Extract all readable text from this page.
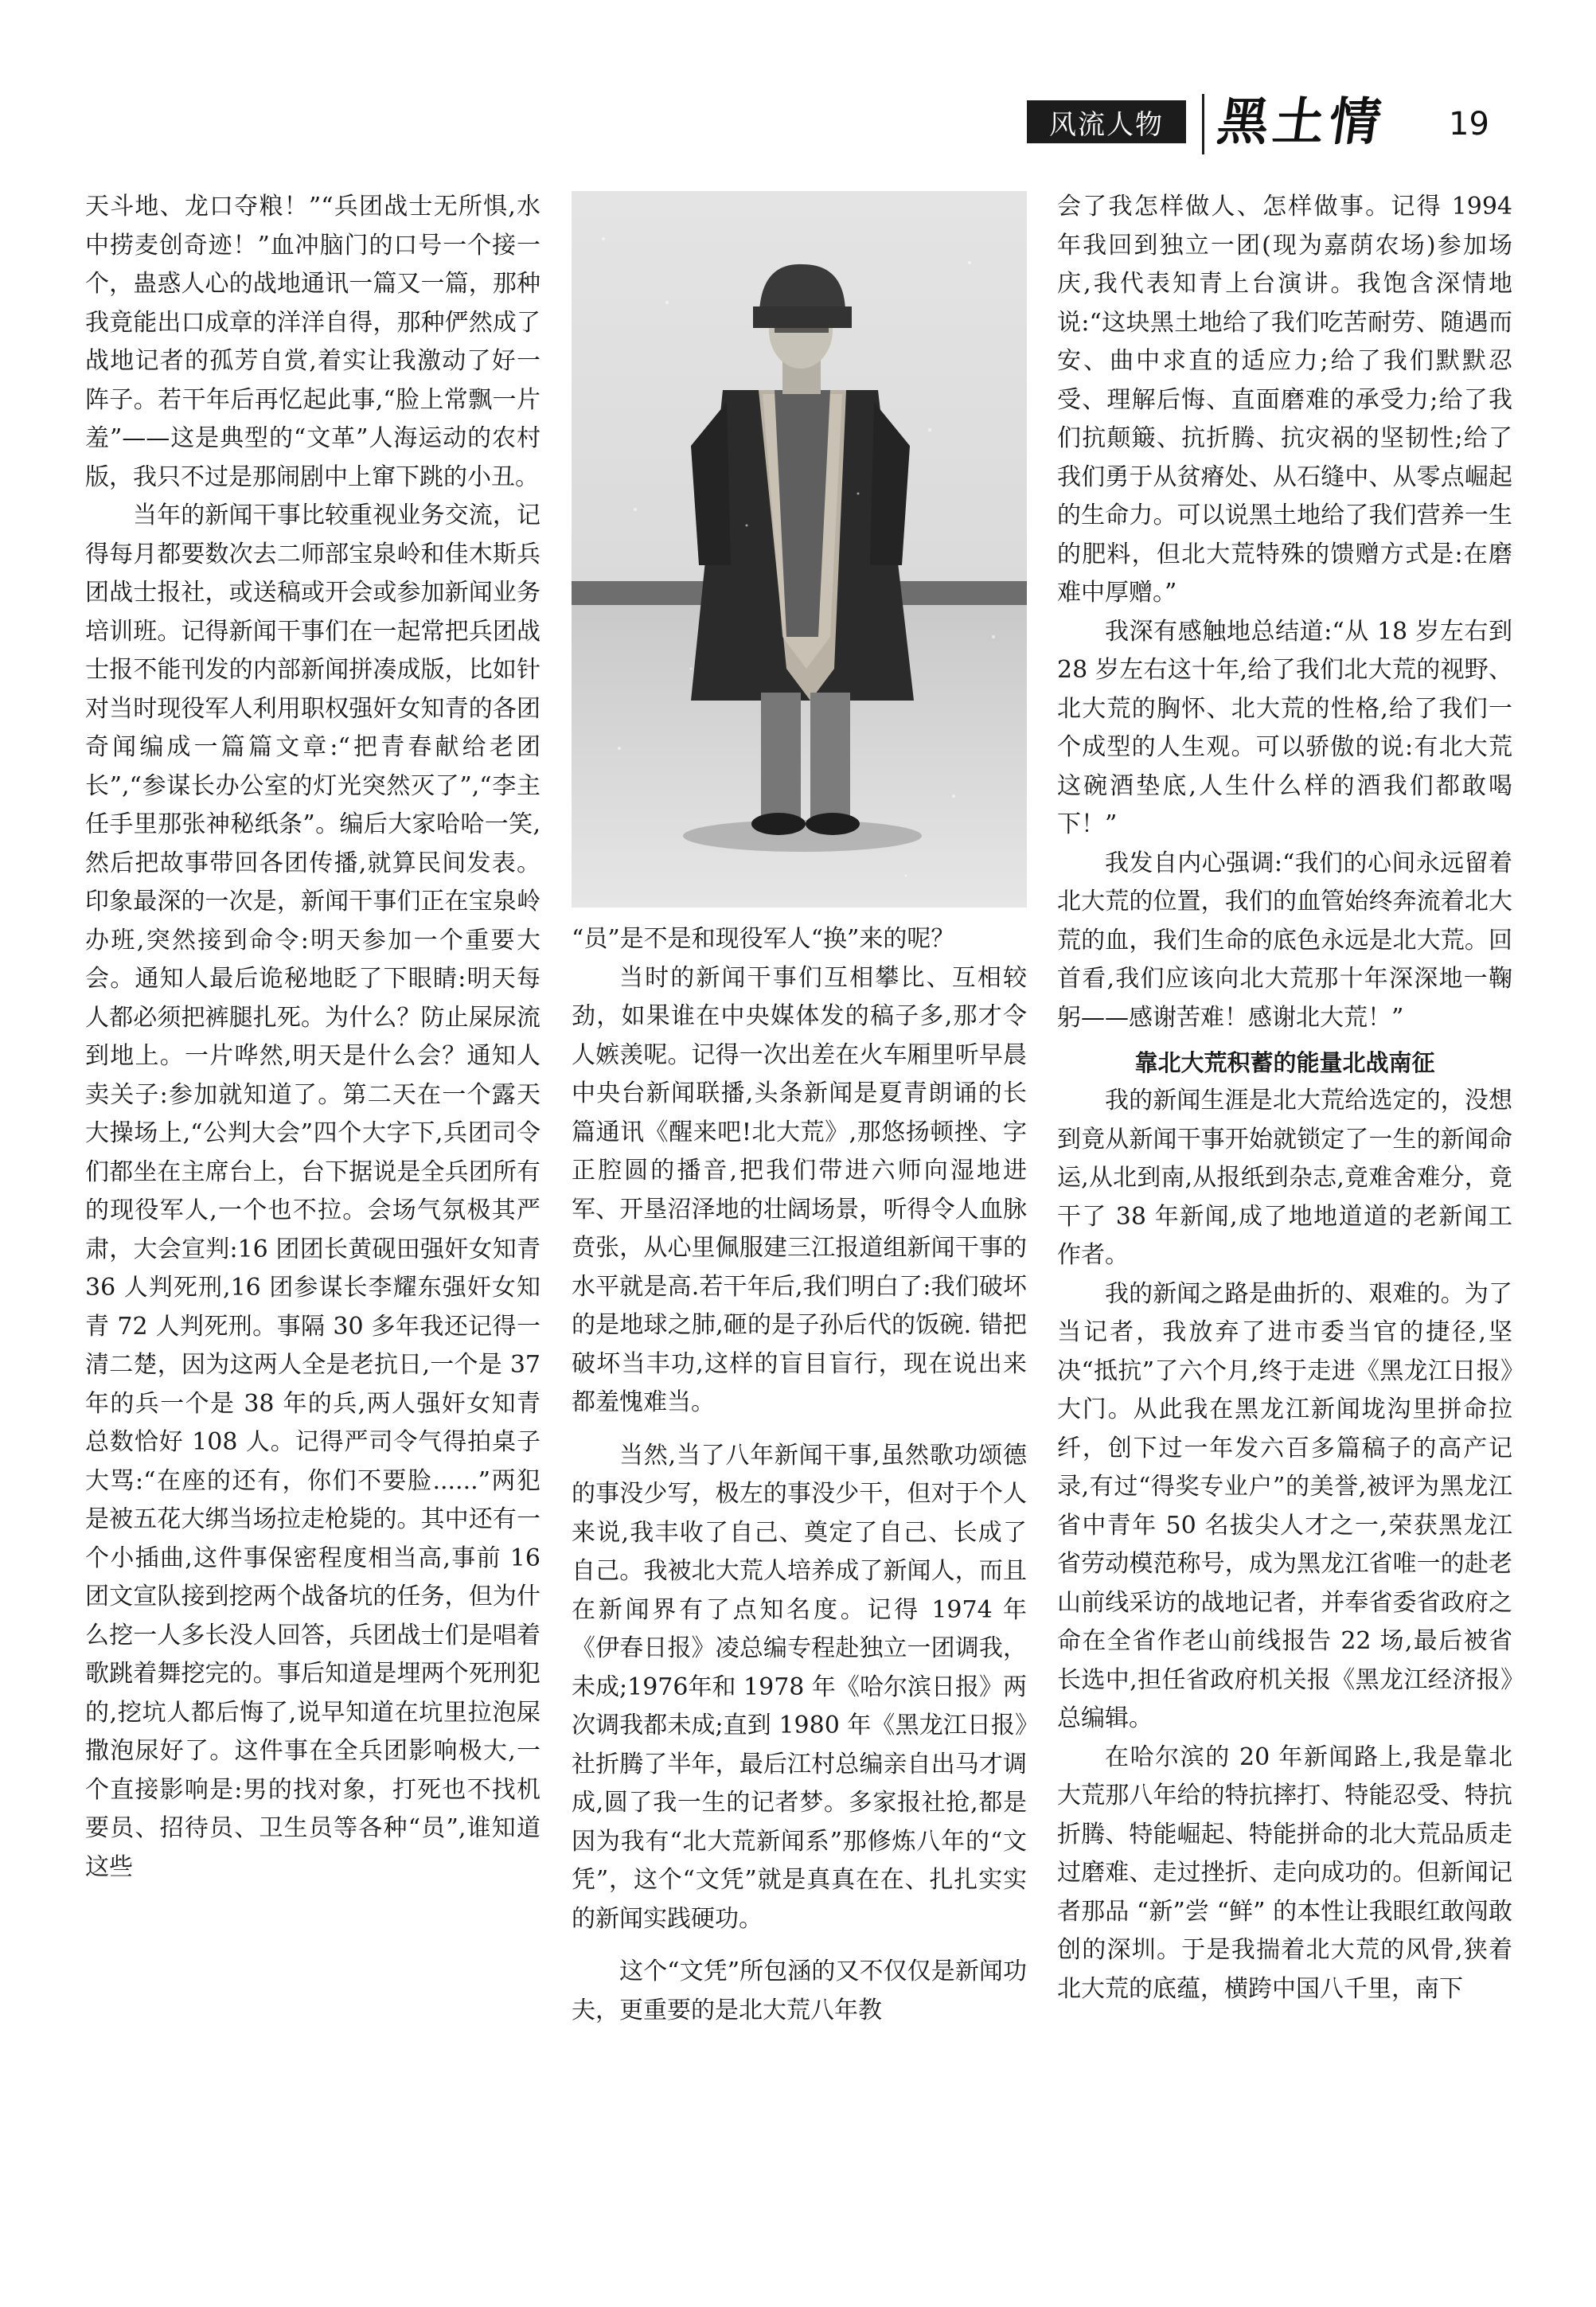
风流人物 黑土情 19

天斗地、龙口夺粮！”“兵团战士无所惧,水中捞麦创奇迹！”血冲脑门的口号一个接一个，蛊惑人心的战地通讯一篇又一篇，那种我竟能出口成章的洋洋自得，那种俨然成了战地记者的孤芳自赏,着实让我激动了好一阵子。若干年后再忆起此事,“脸上常飘一片羞”——这是典型的“文革”人海运动的农村版，我只不过是那闹剧中上窜下跳的小丑。

当年的新闻干事比较重视业务交流，记得每月都要数次去二师部宝泉岭和佳木斯兵团战士报社，或送稿或开会或参加新闻业务培训班。记得新闻干事们在一起常把兵团战士报不能刊发的内部新闻拼凑成版，比如针对当时现役军人利用职权强奸女知青的各团奇闻编成一篇篇文章:“把青春献给老团长”,“参谋长办公室的灯光突然灭了”,“李主任手里那张神秘纸条”。编后大家哈哈一笑,然后把故事带回各团传播,就算民间发表。印象最深的一次是，新闻干事们正在宝泉岭办班,突然接到命令:明天参加一个重要大会。通知人最后诡秘地眨了下眼睛:明天每人都必须把裤腿扎死。为什么？防止屎尿流到地上。一片哗然,明天是什么会？通知人卖关子:参加就知道了。第二天在一个露天大操场上,“公判大会”四个大字下,兵团司令们都坐在主席台上，台下据说是全兵团所有的现役军人,一个也不拉。会场气氛极其严肃，大会宣判:16 团团长黄砚田强奸女知青 36 人判死刑,16 团参谋长李耀东强奸女知青 72 人判死刑。事隔 30 多年我还记得一清二楚，因为这两人全是老抗日,一个是 37 年的兵一个是 38 年的兵,两人强奸女知青总数恰好 108 人。记得严司令气得拍桌子大骂:“在座的还有，你们不要脸......”两犯是被五花大绑当场拉走枪毙的。其中还有一个小插曲,这件事保密程度相当高,事前 16 团文宣队接到挖两个战备坑的任务，但为什么挖一人多长没人回答，兵团战士们是唱着歌跳着舞挖完的。事后知道是埋两个死刑犯的,挖坑人都后悔了,说早知道在坑里拉泡屎撒泡尿好了。这件事在全兵团影响极大,一个直接影响是:男的找对象，打死也不找机要员、招待员、卫生员等各种“员”,谁知道这些

“员”是不是和现役军人“换”来的呢？

当时的新闻干事们互相攀比、互相较劲，如果谁在中央媒体发的稿子多,那才令人嫉羡呢。记得一次出差在火车厢里听早晨中央台新闻联播,头条新闻是夏青朗诵的长篇通讯《醒来吧!北大荒》,那悠扬顿挫、字正腔圆的播音,把我们带进六师向湿地进军、开垦沼泽地的壮阔场景，听得令人血脉贲张，从心里佩服建三江报道组新闻干事的水平就是高.若干年后,我们明白了:我们破坏的是地球之肺,砸的是子孙后代的饭碗. 错把破坏当丰功,这样的盲目盲行，现在说出来都羞愧难当。

当然,当了八年新闻干事,虽然歌功颂德的事没少写，极左的事没少干，但对于个人来说,我丰收了自己、奠定了自己、长成了自己。我被北大荒人培养成了新闻人，而且在新闻界有了点知名度。记得 1974 年《伊春日报》凌总编专程赴独立一团调我，未成;1976年和 1978 年《哈尔滨日报》两次调我都未成;直到 1980 年《黑龙江日报》社折腾了半年，最后江村总编亲自出马才调成,圆了我一生的记者梦。多家报社抢,都是因为我有“北大荒新闻系”那修炼八年的“文凭”，这个“文凭”就是真真在在、扎扎实实的新闻实践硬功。

这个“文凭”所包涵的又不仅仅是新闻功夫，更重要的是北大荒八年教

会了我怎样做人、怎样做事。记得 1994 年我回到独立一团(现为嘉荫农场)参加场庆,我代表知青上台演讲。我饱含深情地说:“这块黑土地给了我们吃苦耐劳、随遇而安、曲中求直的适应力;给了我们默默忍受、理解后悔、直面磨难的承受力;给了我们抗颠簸、抗折腾、抗灾祸的坚韧性;给了我们勇于从贫瘠处、从石缝中、从零点崛起的生命力。可以说黑土地给了我们营养一生的肥料，但北大荒特殊的馈赠方式是:在磨难中厚赠。”

我深有感触地总结道:“从 18 岁左右到 28 岁左右这十年,给了我们北大荒的视野、北大荒的胸怀、北大荒的性格,给了我们一个成型的人生观。可以骄傲的说:有北大荒这碗酒垫底,人生什么样的酒我们都敢喝下！”

我发自内心强调:“我们的心间永远留着北大荒的位置，我们的血管始终奔流着北大荒的血，我们生命的底色永远是北大荒。回首看,我们应该向北大荒那十年深深地一鞠躬——感谢苦难！感谢北大荒！”

靠北大荒积蓄的能量北战南征

我的新闻生涯是北大荒给选定的，没想到竟从新闻干事开始就锁定了一生的新闻命运,从北到南,从报纸到杂志,竟难舍难分，竟干了 38 年新闻,成了地地道道的老新闻工作者。

我的新闻之路是曲折的、艰难的。为了当记者，我放弃了进市委当官的捷径,坚决“抵抗”了六个月,终于走进《黑龙江日报》大门。从此我在黑龙江新闻垅沟里拼命拉纤，创下过一年发六百多篇稿子的高产记录,有过“得奖专业户”的美誉,被评为黑龙江省中青年 50 名拔尖人才之一,荣获黑龙江省劳动模范称号，成为黑龙江省唯一的赴老山前线采访的战地记者，并奉省委省政府之命在全省作老山前线报告 22 场,最后被省长选中,担任省政府机关报《黑龙江经济报》总编辑。

在哈尔滨的 20 年新闻路上,我是靠北大荒那八年给的特抗摔打、特能忍受、特抗折腾、特能崛起、特能拼命的北大荒品质走过磨难、走过挫折、走向成功的。但新闻记者那品 “新”尝 “鲜” 的本性让我眼红敢闯敢创的深圳。于是我揣着北大荒的风骨,狭着北大荒的底蕴，横跨中国八千里，南下
